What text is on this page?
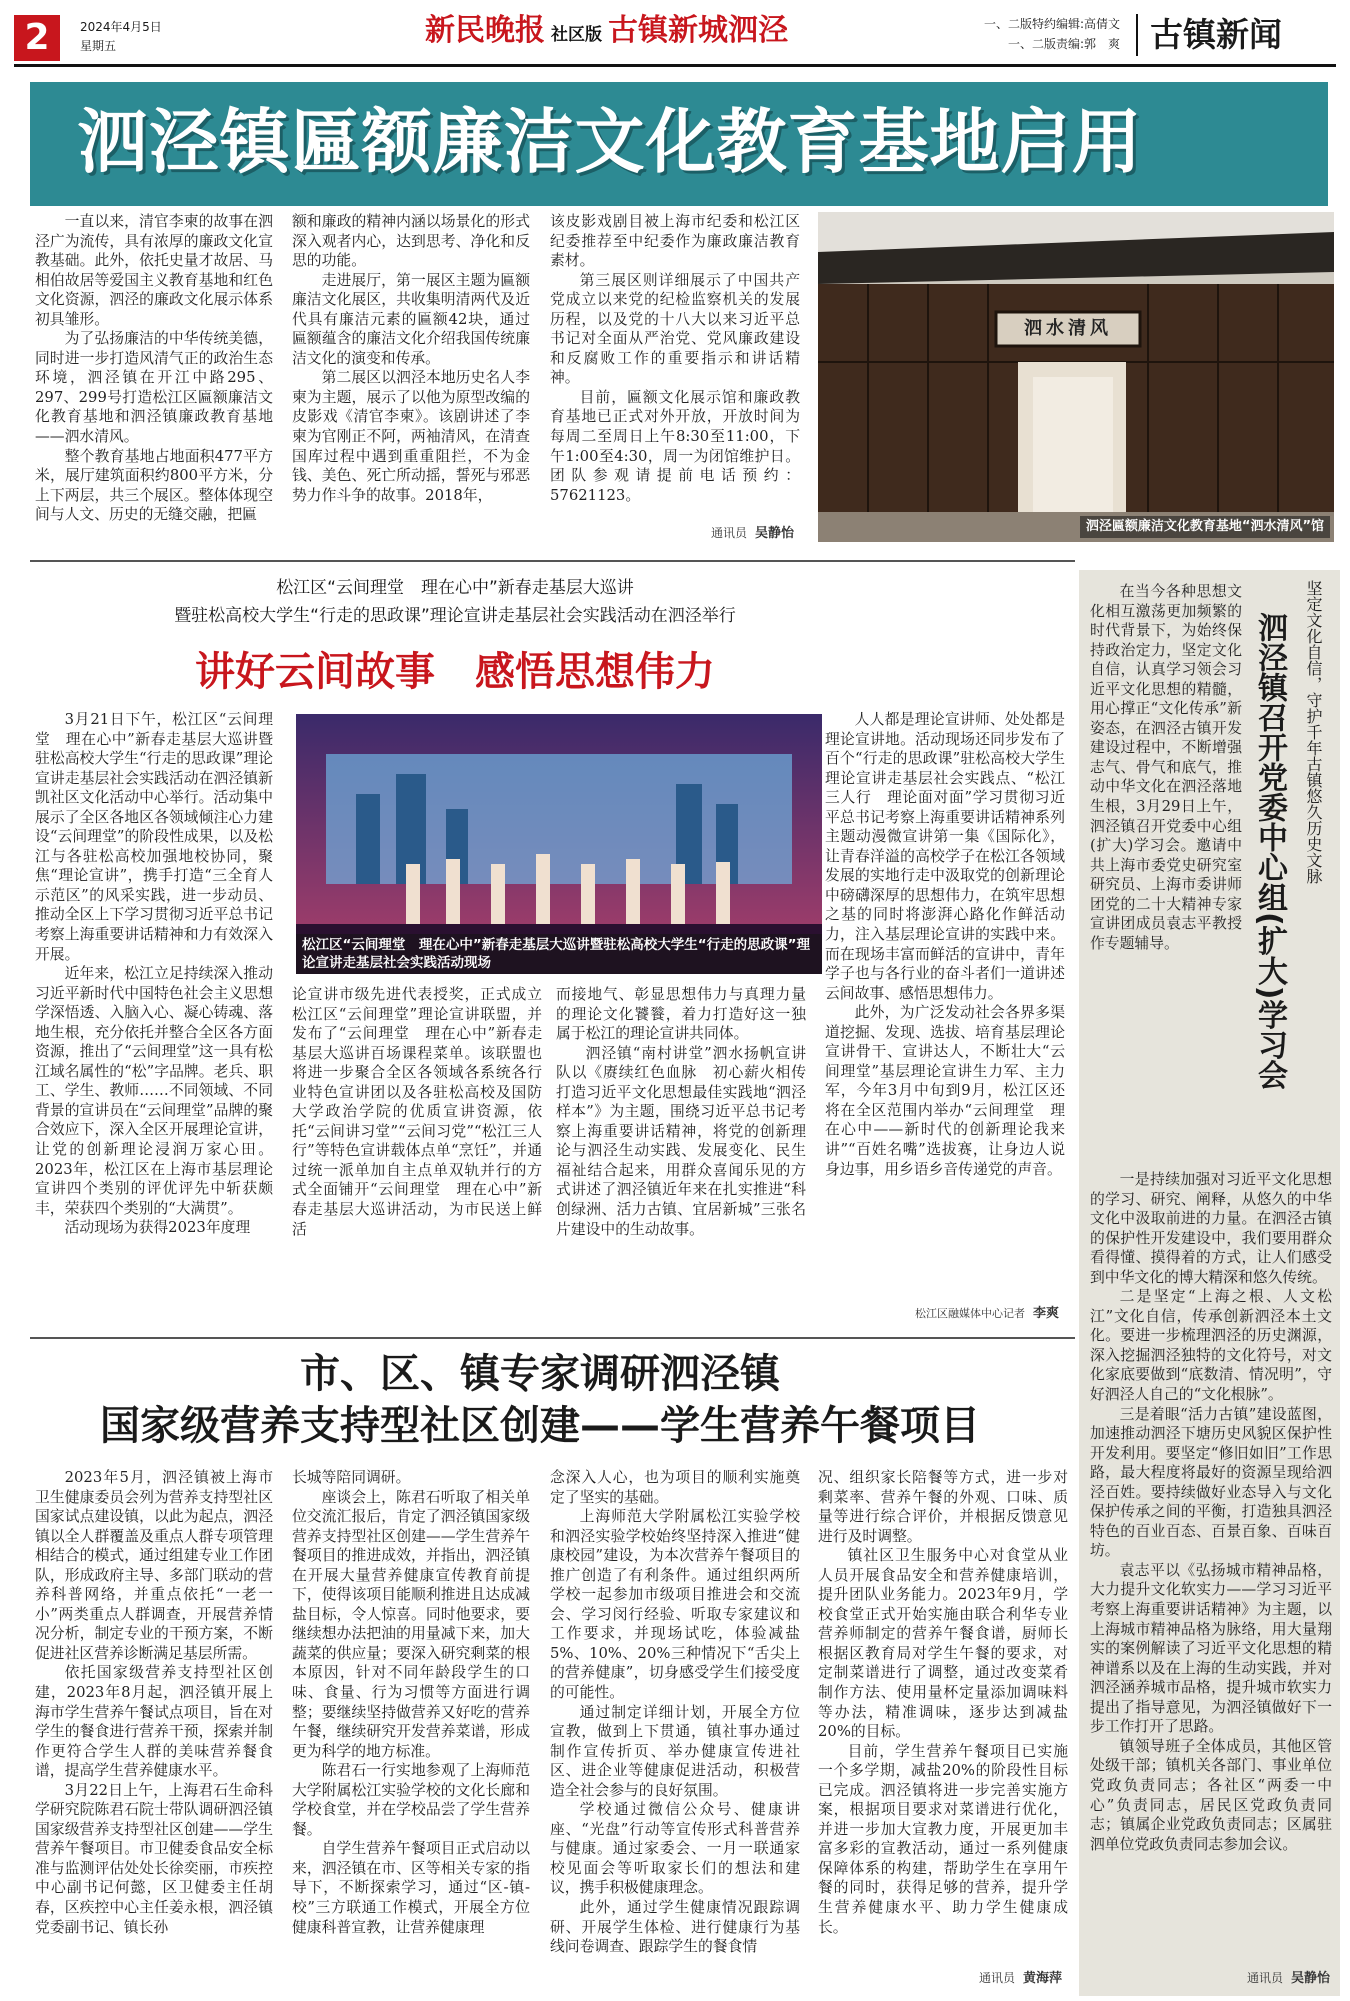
2	2024年4月5日
星期五	新民晚报 社区版 古镇新城泗泾	一、二版特约编辑:高倩文
一、二版责编:郭　爽 古镇新闻
泗泾镇匾额廉洁文化教育基地启用

一直以来，清官李柬的故事在泗泾广为流传，具有浓厚的廉政文化宣教基础。此外，依托史量才故居、马相伯故居等爱国主义教育基地和红色文化资源，泗泾的廉政文化展示体系初具雏形。

为了弘扬廉洁的中华传统美德，同时进一步打造风清气正的政治生态环境，泗泾镇在开江中路295、297、299号打造松江区匾额廉洁文化教育基地和泗泾镇廉政教育基地——泗水清风。

整个教育基地占地面积477平方米，展厅建筑面积约800平方米，分上下两层，共三个展区。整体体现空间与人文、历史的无缝交融，把匾

额和廉政的精神内涵以场景化的形式深入观者内心，达到思考、净化和反思的功能。

走进展厅，第一展区主题为匾额廉洁文化展区，共收集明清两代及近代具有廉洁元素的匾额42块，通过匾额蕴含的廉洁文化介绍我国传统廉洁文化的演变和传承。

第二展区以泗泾本地历史名人李柬为主题，展示了以他为原型改编的皮影戏《清官李柬》。该剧讲述了李柬为官刚正不阿，两袖清风，在清查国库过程中遇到重重阻拦，不为金钱、美色、死亡所动摇，誓死与邪恶势力作斗争的故事。2018年，

该皮影戏剧目被上海市纪委和松江区纪委推荐至中纪委作为廉政廉洁教育素材。

第三展区则详细展示了中国共产党成立以来党的纪检监察机关的发展历程，以及党的十八大以来习近平总书记对全面从严治党、党风廉政建设和反腐败工作的重要指示和讲话精神。

目前，匾额文化展示馆和廉政教育基地已正式对外开放，开放时间为每周二至周日上午8:30至11:00，下午1:00至4:30，周一为闭馆维护日。团队参观请提前电话预约：57621123。

通讯员 吴静怡
泗水清风
泗泾匾额廉洁文化教育基地“泗水清风”馆
松江区“云间理堂　理在心中”新春走基层大巡讲
暨驻松高校大学生“行走的思政课”理论宣讲走基层社会实践活动在泗泾举行
讲好云间故事　感悟思想伟力

3月21日下午，松江区“云间理堂　理在心中”新春走基层大巡讲暨驻松高校大学生“行走的思政课”理论宣讲走基层社会实践活动在泗泾镇新凯社区文化活动中心举行。活动集中展示了全区各地区各领域倾注心力建设“云间理堂”的阶段性成果，以及松江与各驻松高校加强地校协同，聚焦“理论宣讲”，携手打造“三全育人示范区”的风采实践，进一步动员、推动全区上下学习贯彻习近平总书记考察上海重要讲话精神和力有效深入开展。

近年来，松江立足持续深入推动习近平新时代中国特色社会主义思想学深悟透、入脑入心、凝心铸魂、落地生根，充分依托并整合全区各方面资源，推出了“云间理堂”这一具有松江域名属性的“松”字品牌。老兵、职工、学生、教师……不同领域、不同背景的宣讲员在“云间理堂”品牌的聚合效应下，深入全区开展理论宣讲，让党的创新理论浸润万家心田。2023年，松江区在上海市基层理论宣讲四个类别的评优评先中斩获颇丰，荣获四个类别的“大满贯”。

活动现场为获得2023年度理

松江区“云间理堂　理在心中”新春走基层大巡讲暨驻松高校大学生“行走的思政课”理论宣讲走基层社会实践活动现场

论宣讲市级先进代表授奖，正式成立松江区“云间理堂”理论宣讲联盟，并发布了“云间理堂　理在心中”新春走基层大巡讲百场课程菜单。该联盟也将进一步聚合全区各领域各系统各行业特色宣讲团以及各驻松高校及国防大学政治学院的优质宣讲资源，依托“云间讲习堂”“云间习党”“松江三人行”等特色宣讲载体点单“烹饪”，并通过统一派单加自主点单双轨并行的方式全面铺开“云间理堂　理在心中”新春走基层大巡讲活动，为市民送上鲜活

而接地气、彰显思想伟力与真理力量的理论文化饕餮，着力打造好这一独属于松江的理论宣讲共同体。

泗泾镇“南村讲堂”泗水扬帆宣讲队以《赓续红色血脉　初心薪火相传　打造习近平文化思想最佳实践地“泗泾样本”》为主题，围绕习近平总书记考察上海重要讲话精神，将党的创新理论与泗泾生动实践、发展变化、民生福祉结合起来，用群众喜闻乐见的方式讲述了泗泾镇近年来在扎实推进“科创绿洲、活力古镇、宜居新城”三张名片建设中的生动故事。

人人都是理论宣讲师、处处都是理论宣讲地。活动现场还同步发布了百个“行走的思政课”驻松高校大学生理论宣讲走基层社会实践点、“松江三人行　理论面对面”学习贯彻习近平总书记考察上海重要讲话精神系列主题动漫微宣讲第一集《国际化》，让青春洋溢的高校学子在松江各领域发展的实地行走中汲取党的创新理论中磅礴深厚的思想伟力，在筑牢思想之基的同时将澎湃心路化作鲜活动力，注入基层理论宣讲的实践中来。而在现场丰富而鲜活的宣讲中，青年学子也与各行业的奋斗者们一道讲述云间故事、感悟思想伟力。

此外，为广泛发动社会各界多渠道挖掘、发现、选拔、培育基层理论宣讲骨干、宣讲达人，不断壮大“云间理堂”基层理论宣讲生力军、主力军，今年3月中旬到9月，松江区还将在全区范围内举办“云间理堂　理在心中——新时代的创新理论我来讲”“百姓名嘴”选拔赛，让身边人说身边事，用乡语乡音传递党的声音。

松江区融媒体中心记者 李爽
市、区、镇专家调研泗泾镇
国家级营养支持型社区创建——学生营养午餐项目

2023年5月，泗泾镇被上海市卫生健康委员会列为营养支持型社区国家试点建设镇，以此为起点，泗泾镇以全人群覆盖及重点人群专项管理相结合的模式，通过组建专业工作团队，形成政府主导、多部门联动的营养科普网络，并重点依托“一老一小”两类重点人群调查，开展营养情况分析，制定专业的干预方案，不断促进社区营养诊断满足基层所需。

依托国家级营养支持型社区创建，2023年8月起，泗泾镇开展上海市学生营养午餐试点项目，旨在对学生的餐食进行营养干预，探索并制作更符合学生人群的美味营养餐食谱，提高学生营养健康水平。

3月22日上午，上海君石生命科学研究院陈君石院士带队调研泗泾镇国家级营养支持型社区创建——学生营养午餐项目。市卫健委食品安全标准与监测评估处处长徐奕丽，市疾控中心副书记何懿，区卫健委主任胡春，区疾控中心主任姜永根，泗泾镇党委副书记、镇长孙

长城等陪同调研。

座谈会上，陈君石听取了相关单位交流汇报后，肯定了泗泾镇国家级营养支持型社区创建——学生营养午餐项目的推进成效，并指出，泗泾镇在开展大量营养健康宣传教育前提下，使得该项目能顺利推进且达成减盐目标，令人惊喜。同时他要求，要继续想办法把油的用量减下来，加大蔬菜的供应量；要深入研究剩菜的根本原因，针对不同年龄段学生的口味、食量、行为习惯等方面进行调整；要继续坚持做营养又好吃的营养午餐，继续研究开发营养菜谱，形成更为科学的地方标准。

陈君石一行实地参观了上海师范大学附属松江实验学校的文化长廊和学校食堂，并在学校品尝了学生营养餐。

自学生营养午餐项目正式启动以来，泗泾镇在市、区等相关专家的指导下，不断探索学习，通过“区-镇-校”三方联通工作模式，开展全方位健康科普宣教，让营养健康理

念深入人心，也为项目的顺利实施奠定了坚实的基础。

上海师范大学附属松江实验学校和泗泾实验学校始终坚持深入推进“健康校园”建设，为本次营养午餐项目的推广创造了有利条件。通过组织两所学校一起参加市级项目推进会和交流会、学习闵行经验、听取专家建议和工作要求，并现场试吃，体验减盐5%、10%、20%三种情况下“舌尖上的营养健康”，切身感受学生们接受度的可能性。

通过制定详细计划，开展全方位宣教，做到上下贯通，镇社事办通过制作宣传折页、举办健康宣传进社区、进企业等健康促进活动，积极营造全社会参与的良好氛围。

学校通过微信公众号、健康讲座、“光盘”行动等宣传形式科普营养与健康。通过家委会、一月一联通家校见面会等听取家长们的想法和建议，携手积极健康理念。

此外，通过学生健康情况跟踪调研、开展学生体检、进行健康行为基线问卷调查、跟踪学生的餐食情

况、组织家长陪餐等方式，进一步对剩菜率、营养午餐的外观、口味、质量等进行综合评价，并根据反馈意见进行及时调整。

镇社区卫生服务中心对食堂从业人员开展食品安全和营养健康培训，提升团队业务能力。2023年9月，学校食堂正式开始实施由联合利华专业营养师制定的营养午餐食谱，厨师长根据区教育局对学生午餐的要求，对定制菜谱进行了调整，通过改变菜肴制作方法、使用量杯定量添加调味料等办法，精准调味，逐步达到减盐20%的目标。

目前，学生营养午餐项目已实施一个多学期，减盐20%的阶段性目标已完成。泗泾镇将进一步完善实施方案，根据项目要求对菜谱进行优化，并进一步加大宣教力度，开展更加丰富多彩的宣教活动，通过一系列健康保障体系的构建，帮助学生在享用午餐的同时，获得足够的营养，提升学生营养健康水平、助力学生健康成长。

通讯员 黄海萍
坚定文化自信，守护千年古镇悠久历史文脉
泗泾镇召开党委中心组(扩大)学习会

在当今各种思想文化相互激荡更加频繁的时代背景下，为始终保持政治定力，坚定文化自信，认真学习领会习近平文化思想的精髓，用心撑正“文化传承”新姿态，在泗泾古镇开发建设过程中，不断增强志气、骨气和底气，推动中华文化在泗泾落地生根，3月29日上午，泗泾镇召开党委中心组(扩大)学习会。邀请中共上海市委党史研究室研究员、上海市委讲师团党的二十大精神专家宣讲团成员袁志平教授作专题辅导。

一是持续加强对习近平文化思想的学习、研究、阐释，从悠久的中华文化中汲取前进的力量。在泗泾古镇的保护性开发建设中，我们要用群众看得懂、摸得着的方式，让人们感受到中华文化的博大精深和悠久传统。

二是坚定“上海之根、人文松江”文化自信，传承创新泗泾本土文化。要进一步梳理泗泾的历史渊源，深入挖掘泗泾独特的文化符号，对文化家底要做到“底数清、情况明”，守好泗泾人自己的“文化根脉”。

三是着眼“活力古镇”建设蓝图，加速推动泗泾下塘历史风貌区保护性开发利用。要坚定“修旧如旧”工作思路，最大程度将最好的资源呈现给泗泾百姓。要持续做好业态导入与文化保护传承之间的平衡，打造独具泗泾特色的百业百态、百景百象、百味百坊。

袁志平以《弘扬城市精神品格，大力提升文化软实力——学习习近平考察上海重要讲话精神》为主题，以上海城市精神品格为脉络，用大量翔实的案例解读了习近平文化思想的精神谱系以及在上海的生动实践，并对泗泾涵养城市品格，提升城市软实力提出了指导意见，为泗泾镇做好下一步工作打开了思路。

镇领导班子全体成员，其他区管处级干部；镇机关各部门、事业单位党政负责同志；各社区“两委一中心”负责同志，居民区党政负责同志；镇属企业党政负责同志；区属驻泗单位党政负责同志参加会议。

通讯员 吴静怡
